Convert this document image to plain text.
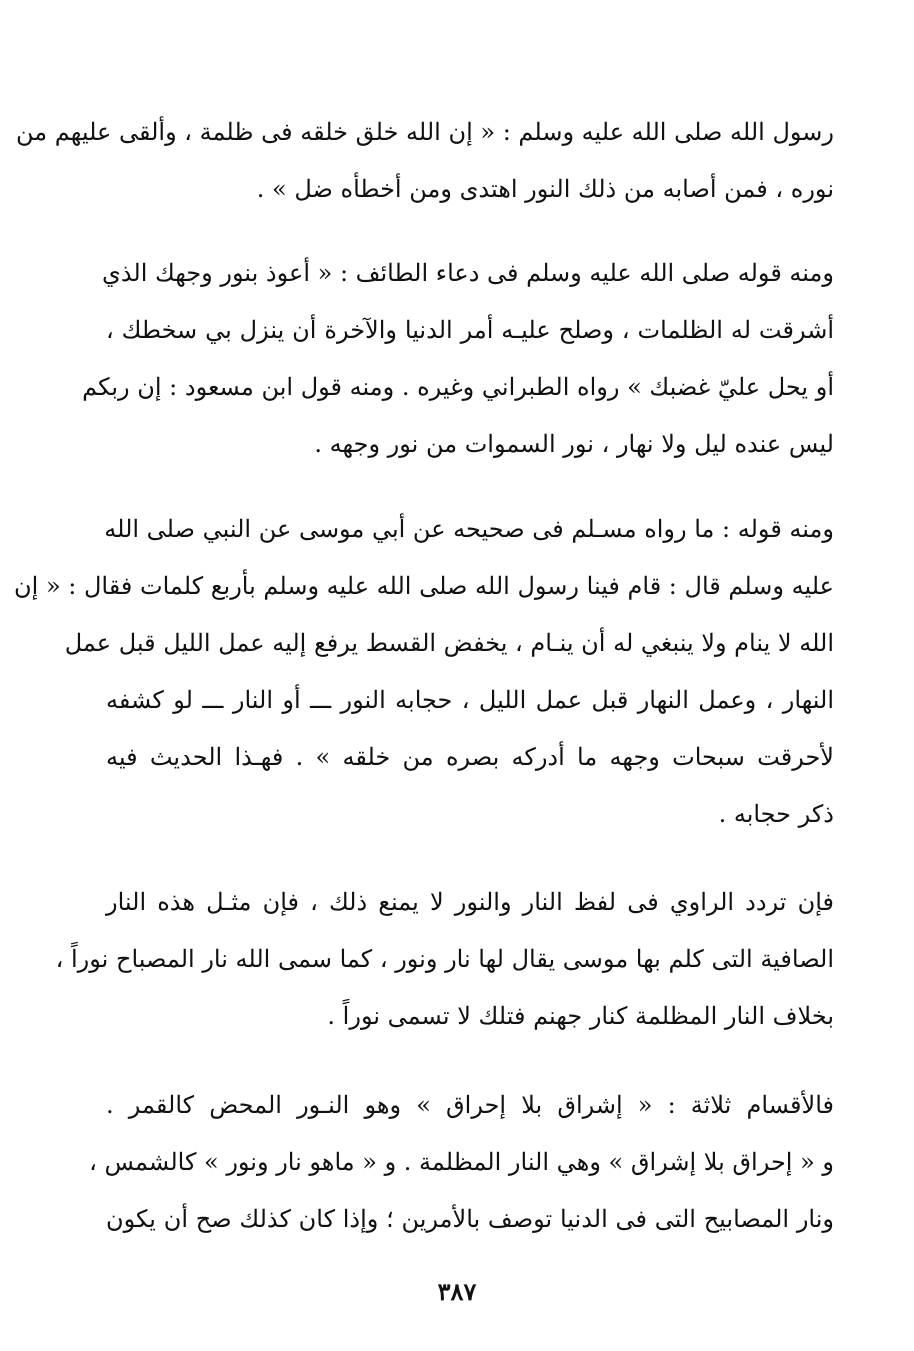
رسول الله صلى الله عليه وسلم : « إن الله خلق خلقه فى ظلمة ، وألقى عليهم من
نوره ، فمن أصابه من ذلك النور اهتدى ومن أخطأه ضل » .
ومنه قوله صلى الله عليه وسلم فى دعاء الطائف : « أعوذ بنور وجهك الذي
أشرقت له الظلمات ، وصلح عليـه أمر الدنيا والآخرة أن ينزل بي سخطك ،
أو يحل عليّ غضبك » رواه الطبراني وغيره . ومنه قول ابن مسعود : إن ربكم
ليس عنده ليل ولا نهار ، نور السموات من نور وجهه .
ومنه قوله : ما رواه مسـلم فى صحيحه عن أبي موسى عن النبي صلى الله
عليه وسلم قال : قام فينا رسول الله صلى الله عليه وسلم بأربع كلمات فقال : « إن
الله لا ينام ولا ينبغي له أن ينـام ، يخفض القسط يرفع إليه عمل الليل قبل عمل
النهار ، وعمل النهار قبل عمل الليل ، حجابه النور ـــ أو النار ـــ لو كشفه
لأحرقت سبحات وجهه ما أدركه بصره من خلقه » . فهـذا الحديث فيه
ذكر حجابه .
فإن تردد الراوي فى لفظ النار والنور لا يمنع ذلك ، فإن مثـل هذه النار
الصافية التى كلم بها موسى يقال لها نار ونور ، كما سمى الله نار المصباح نوراً ،
بخلاف النار المظلمة كنار جهنم فتلك لا تسمى نوراً .
فالأقسام ثلاثة : « إشراق بلا إحراق » وهو النـور المحض كالقمر .
و « إحراق بلا إشراق » وهي النار المظلمة . و « ماهو نار ونور » كالشمس ،
ونار المصابيح التى فى الدنيا توصف بالأمرين ؛ وإذا كان كذلك صح أن يكون
٣٨٧
